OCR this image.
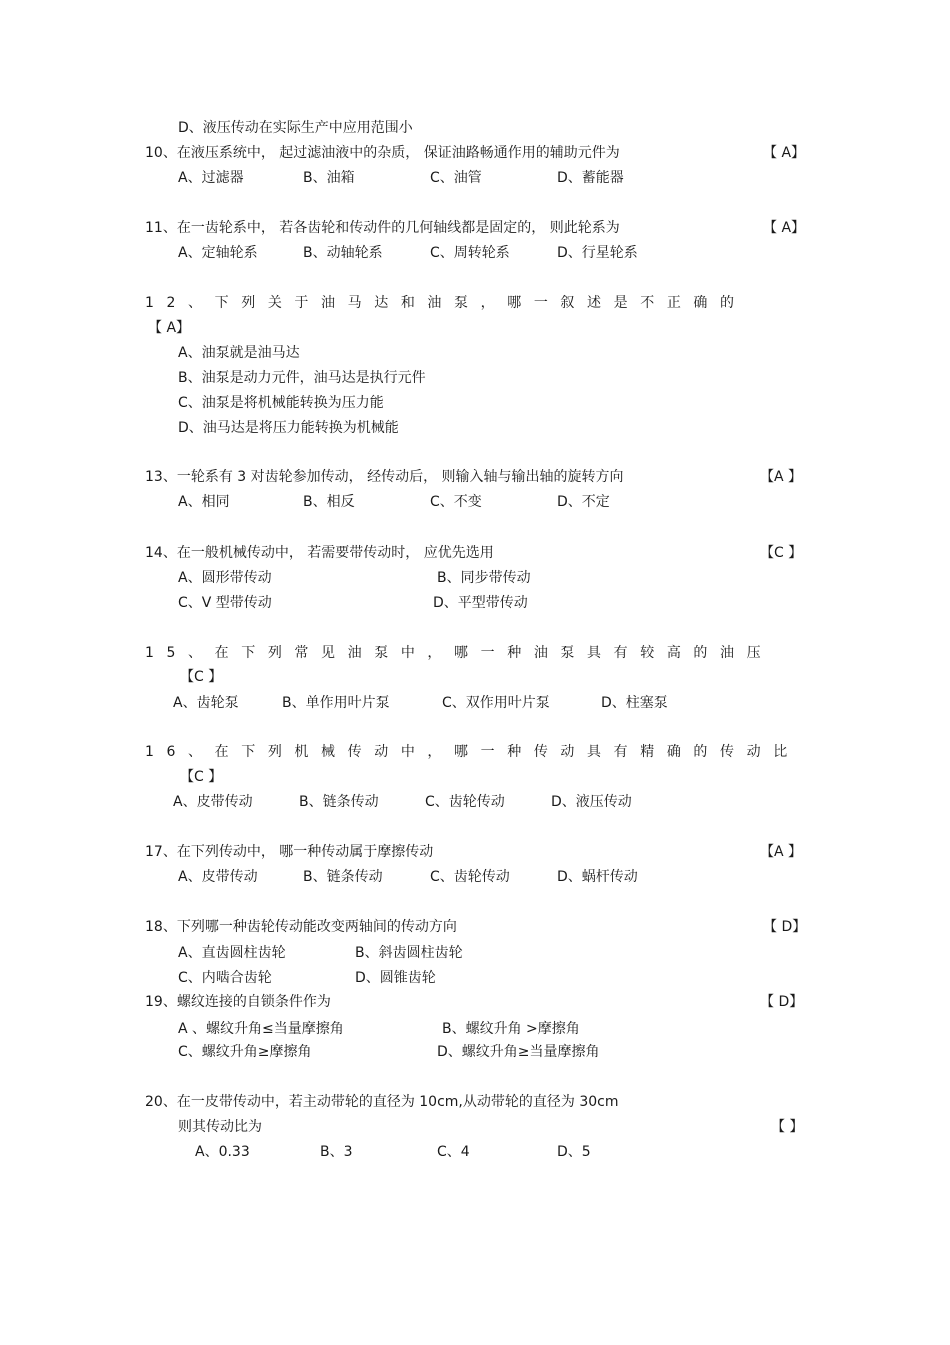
D、液压传动在实际生产中应用范围小
10、在液压系统中， 起过滤油液中的杂质， 保证油路畅通作用的辅助元件为	【 A】
A、过滤器	B、油箱	C、油管	D、蓄能器
11、在一齿轮系中， 若各齿轮和传动件的几何轴线都是固定的， 则此轮系为	【 A】
A、定轴轮系	B、动轴轮系	C、周转轮系	D、行星轮系
12、下列关于油马达和油泵，哪一叙述是不正确的
【 A】
A、油泵就是油马达
B、油泵是动力元件，油马达是执行元件
C、油泵是将机械能转换为压力能
D、油马达是将压力能转换为机械能
13、一轮系有 3 对齿轮参加传动， 经传动后， 则输入轴与输出轴的旋转方向	【A 】
A、相同	B、相反	C、不变	D、不定
14、在一般机械传动中， 若需要带传动时， 应优先选用	【C 】
A、圆形带传动	B、同步带传动
C、V 型带传动	D、平型带传动
15、在下列常见油泵中，哪一种油泵具有较高的油压
【C 】
A、齿轮泵	B、单作用叶片泵	C、双作用叶片泵	D、柱塞泵
16、在下列机械传动中，哪一种传动具有精确的传动比
【C 】
A、皮带传动	B、链条传动	C、齿轮传动	D、液压传动
17、在下列传动中， 哪一种传动属于摩擦传动	【A 】
A、皮带传动	B、链条传动	C、齿轮传动	D、蜗杆传动
18、下列哪一种齿轮传动能改变两轴间的传动方向	【 D】
A、直齿圆柱齿轮	B、斜齿圆柱齿轮
C、内啮合齿轮	D、圆锥齿轮
19、螺纹连接的自锁条件作为	【 D】
A 、螺纹升角≤当量摩擦角	B、螺纹升角 >摩擦角
C、螺纹升角≥摩擦角	D、螺纹升角≥当量摩擦角
20、在一皮带传动中，若主动带轮的直径为 10cm,从动带轮的直径为 30cm
则其传动比为	【 】
A、0.33	B、3	C、4	D、5
